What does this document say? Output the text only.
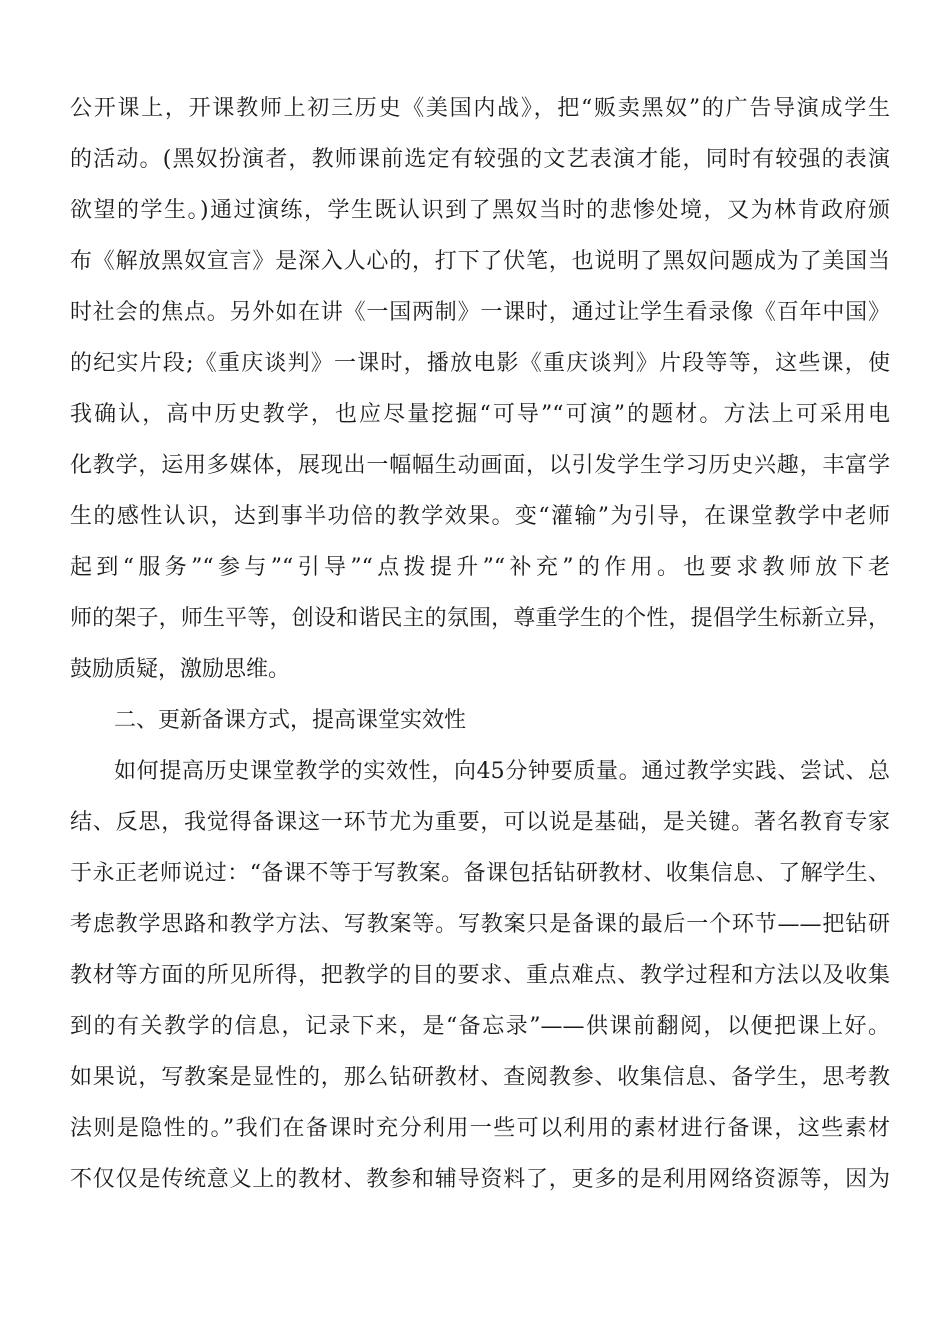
公开课上，开课教师上初三历史《美国内战》，把“贩卖黑奴”的广告导演成学生
的活动。(黑奴扮演者，教师课前选定有较强的文艺表演才能，同时有较强的表演
欲望的学生。)通过演练，学生既认识到了黑奴当时的悲惨处境，又为林肯政府颁
布《解放黑奴宣言》是深入人心的，打下了伏笔，也说明了黑奴问题成为了美国当
时社会的焦点。另外如在讲《一国两制》一课时，通过让学生看录像《百年中国》
的纪实片段;《重庆谈判》一课时，播放电影《重庆谈判》片段等等，这些课，使
我确认，高中历史教学，也应尽量挖掘“可导”“可演”的题材。方法上可采用电
化教学，运用多媒体，展现出一幅幅生动画面，以引发学生学习历史兴趣，丰富学
生的感性认识，达到事半功倍的教学效果。变“灌输”为引导，在课堂教学中老师
起到“服务”“参与”“引导”“点拨提升”“补充”的作用。也要求教师放下老
师的架子，师生平等，创设和谐民主的氛围，尊重学生的个性，提倡学生标新立异，
鼓励质疑，激励思维。
二、更新备课方式，提高课堂实效性
如何提高历史课堂教学的实效性，向45分钟要质量。通过教学实践、尝试、总
结、反思，我觉得备课这一环节尤为重要，可以说是基础，是关键。著名教育专家
于永正老师说过：“备课不等于写教案。备课包括钻研教材、收集信息、了解学生、
考虑教学思路和教学方法、写教案等。写教案只是备课的最后一个环节——把钻研
教材等方面的所见所得，把教学的目的要求、重点难点、教学过程和方法以及收集
到的有关教学的信息，记录下来，是“备忘录”——供课前翻阅，以便把课上好。
如果说，写教案是显性的，那么钻研教材、查阅教参、收集信息、备学生，思考教
法则是隐性的。”我们在备课时充分利用一些可以利用的素材进行备课，这些素材
不仅仅是传统意义上的教材、教参和辅导资料了，更多的是利用网络资源等，因为
